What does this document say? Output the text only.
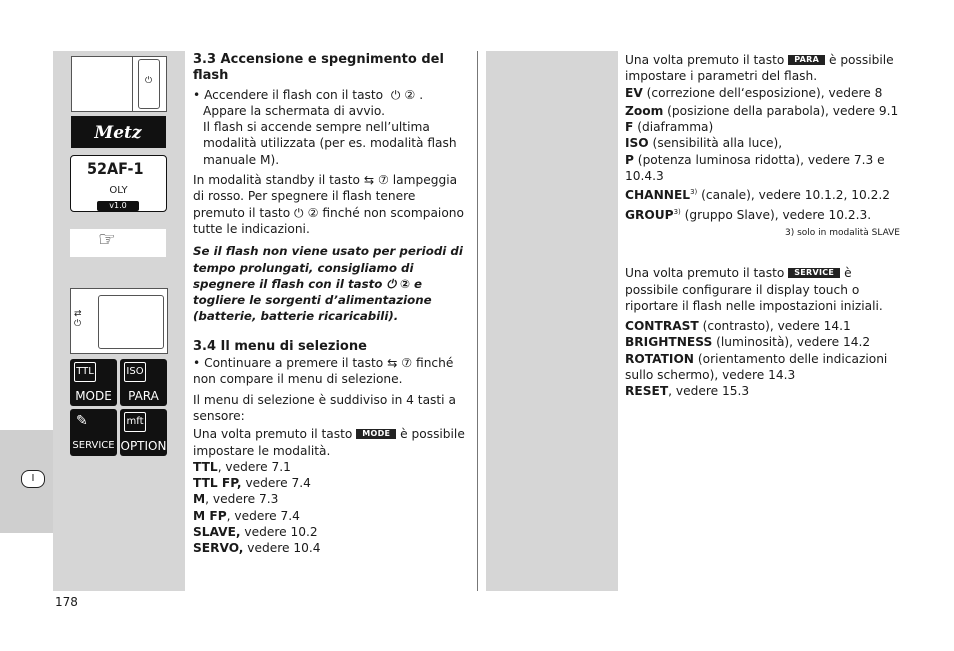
I
178
⏻
Metz
52AF-1
OLY
v1.0
☞
⇄
⏻
TTL
MODE
ISO
PARA
✎
SERVICE
mft
OPTION
3.3 Accensione e spegnimento del flash

• Accendere il flash con il tasto  ⏻ ② .

Appare la schermata di avvio.

Il flash si accende sempre nell’ultima modalità utilizzata (per es. modalità flash manuale M).

In modalità standby il tasto ⇆ ⑦ lampeggia di rosso. Per spegnere il flash tenere premuto il tasto ⏻ ② finché non scompaiono tutte le indicazioni.

Se il flash non viene usato per periodi di tempo prolungati, consigliamo di spegnere il flash con il tasto ⏻ ② e togliere le sorgenti d’alimentazione (batterie, batterie ricaricabili).

3.4 Il menu di selezione

• Continuare a premere il tasto ⇆ ⑦ finché non compare il menu di selezione.

Il menu di selezione è suddiviso in 4 tasti a sensore:

Una volta premuto il tasto MODE è possibile impostare le modalità.

TTL, vedere 7.1
TTL FP, vedere 7.4
M, vedere 7.3
M FP, vedere 7.4
SLAVE, vedere 10.2
SERVO, vedere 10.4

Una volta premuto il tasto PARA è possibile impostare i parametri del flash.

EV (correzione dell‘esposizione), vedere 8
Zoom (posizione della parabola), vedere 9.1
F (diaframma)
ISO (sensibilità alla luce),
P (potenza luminosa ridotta), vedere 7.3 e 10.4.3
CHANNEL$^{3)}$ (canale), vedere 10.1.2, 10.2.2
GROUP$^{3)}$ (gruppo Slave), vedere 10.2.3.
3) solo in modalità SLAVE

Una volta premuto il tasto SERVICE è possibile configurare il display touch o riportare il flash nelle impostazioni iniziali.

CONTRAST (contrasto), vedere 14.1
BRIGHTNESS (luminosità), vedere 14.2
ROTATION (orientamento delle indicazioni sullo schermo), vedere 14.3
RESET, vedere 15.3
